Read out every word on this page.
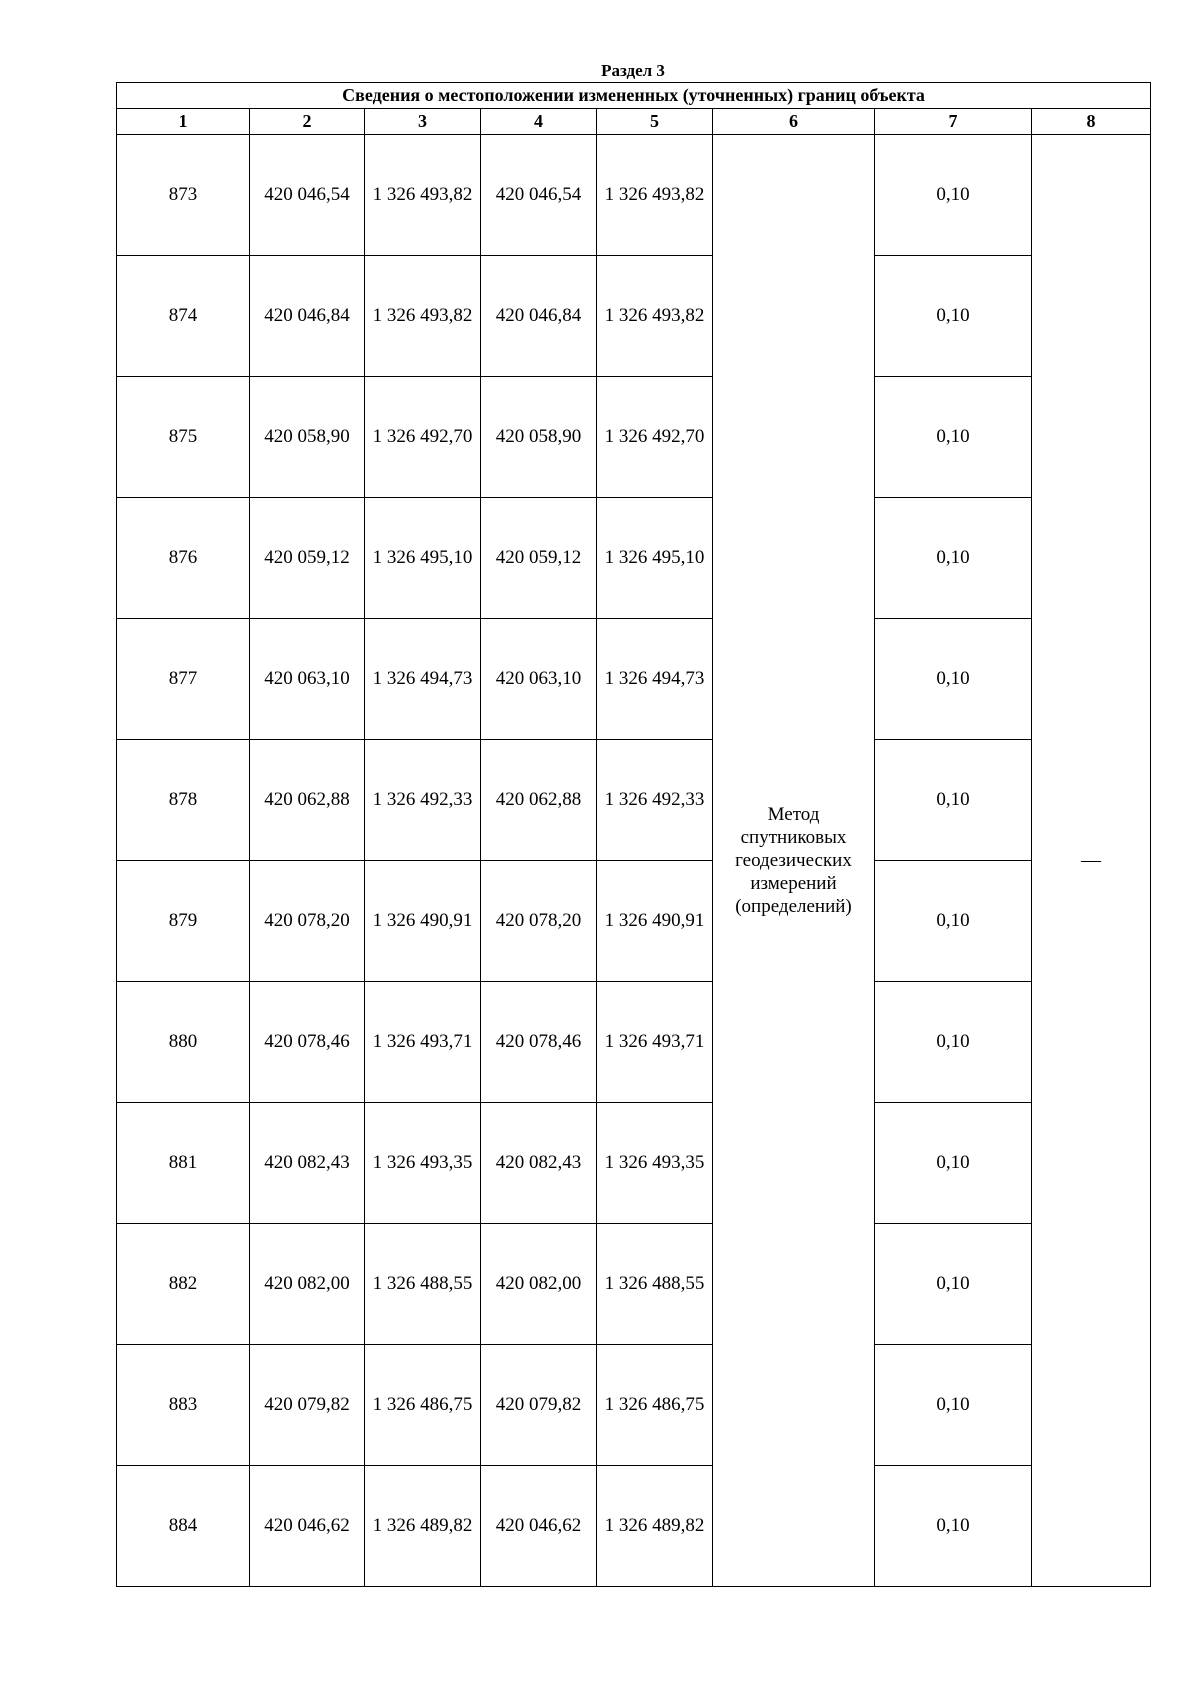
Раздел 3
Сведения о местоположении измененных (уточненных) границ объекта							
1	2	3	4	5	6	7	8
873	420 046,54	1 326 493,82	420 046,54	1 326 493,82	Метод спутниковых геодезических измерений (определений)	0,10	—
874	420 046,84	1 326 493,82	420 046,84	1 326 493,82		0,10	
875	420 058,90	1 326 492,70	420 058,90	1 326 492,70		0,10	
876	420 059,12	1 326 495,10	420 059,12	1 326 495,10		0,10	
877	420 063,10	1 326 494,73	420 063,10	1 326 494,73		0,10	
878	420 062,88	1 326 492,33	420 062,88	1 326 492,33		0,10	
879	420 078,20	1 326 490,91	420 078,20	1 326 490,91		0,10	
880	420 078,46	1 326 493,71	420 078,46	1 326 493,71		0,10	
881	420 082,43	1 326 493,35	420 082,43	1 326 493,35		0,10	
882	420 082,00	1 326 488,55	420 082,00	1 326 488,55		0,10	
883	420 079,82	1 326 486,75	420 079,82	1 326 486,75		0,10	
884	420 046,62	1 326 489,82	420 046,62	1 326 489,82		0,10	
